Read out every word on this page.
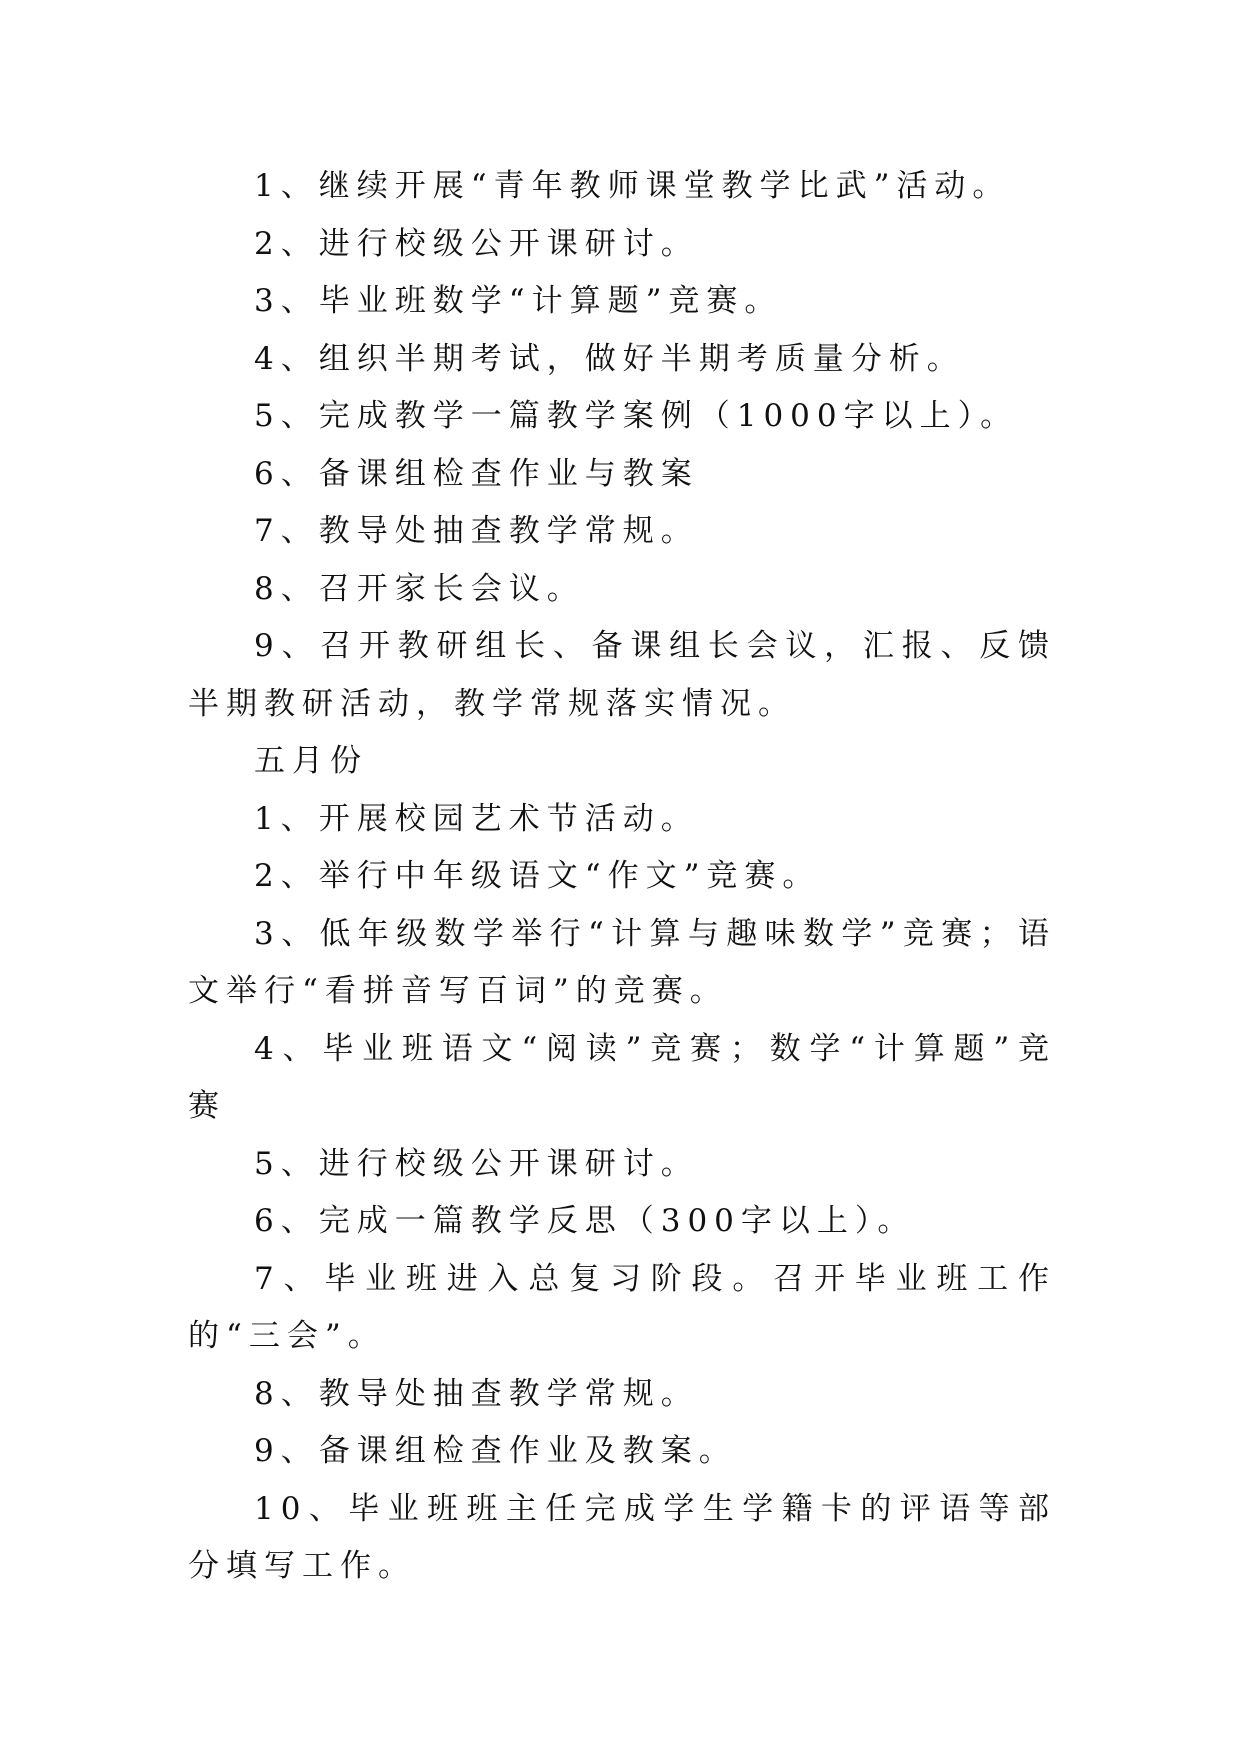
1、继续开展“青年教师课堂教学比武”活动。

2、进行校级公开课研讨。

3、毕业班数学“计算题”竞赛。

4、组织半期考试，做好半期考质量分析。

5、完成教学一篇教学案例（1000字以上）。

6、备课组检查作业与教案

7、教导处抽查教学常规。

8、召开家长会议。

9、召开教研组长、备课组长会议，汇报、反馈半期教研活动，教学常规落实情况。

五月份

1、开展校园艺术节活动。

2、举行中年级语文“作文”竞赛。

3、低年级数学举行“计算与趣味数学”竞赛；语文举行“看拼音写百词”的竞赛。

4、毕业班语文“阅读”竞赛；数学“计算题”竞赛

5、进行校级公开课研讨。

6、完成一篇教学反思（300字以上）。

7、毕业班进入总复习阶段。召开毕业班工作的“三会”。

8、教导处抽查教学常规。

9、备课组检查作业及教案。

10、毕业班班主任完成学生学籍卡的评语等部分填写工作。
